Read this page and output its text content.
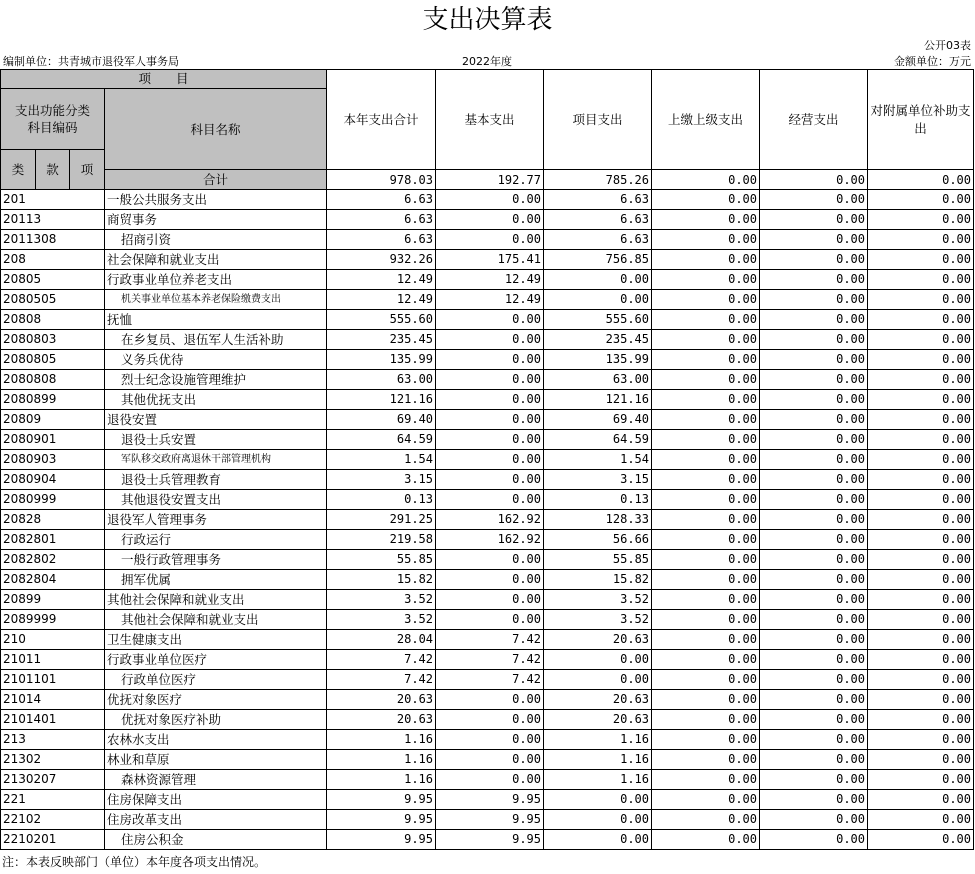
支出决算表
公开03表
编制单位：共青城市退役军人事务局	2022年度	金额单位：万元
项　　目				本年支出合计	基本支出	项目支出	上缴上级支出	经营支出	对附属单位补助支出	
支出功能分类
科目编码			科目名称							
类	款	项							
			合计	978.03	192.77	785.26	0.00	0.00	0.00	
201			一般公共服务支出	6.63	0.00	6.63	0.00	0.00	0.00	
20113			商贸事务	6.63	0.00	6.63	0.00	0.00	0.00	
2011308			招商引资	6.63	0.00	6.63	0.00	0.00	0.00	
208			社会保障和就业支出	932.26	175.41	756.85	0.00	0.00	0.00	
20805			行政事业单位养老支出	12.49	12.49	0.00	0.00	0.00	0.00	
2080505			机关事业单位基本养老保险缴费支出	12.49	12.49	0.00	0.00	0.00	0.00	
20808			抚恤	555.60	0.00	555.60	0.00	0.00	0.00	
2080803			在乡复员、退伍军人生活补助	235.45	0.00	235.45	0.00	0.00	0.00	
2080805			义务兵优待	135.99	0.00	135.99	0.00	0.00	0.00	
2080808			烈士纪念设施管理维护	63.00	0.00	63.00	0.00	0.00	0.00	
2080899			其他优抚支出	121.16	0.00	121.16	0.00	0.00	0.00	
20809			退役安置	69.40	0.00	69.40	0.00	0.00	0.00	
2080901			退役士兵安置	64.59	0.00	64.59	0.00	0.00	0.00	
2080903			军队移交政府离退休干部管理机构	1.54	0.00	1.54	0.00	0.00	0.00	
2080904			退役士兵管理教育	3.15	0.00	3.15	0.00	0.00	0.00	
2080999			其他退役安置支出	0.13	0.00	0.13	0.00	0.00	0.00	
20828			退役军人管理事务	291.25	162.92	128.33	0.00	0.00	0.00	
2082801			行政运行	219.58	162.92	56.66	0.00	0.00	0.00	
2082802			一般行政管理事务	55.85	0.00	55.85	0.00	0.00	0.00	
2082804			拥军优属	15.82	0.00	15.82	0.00	0.00	0.00	
20899			其他社会保障和就业支出	3.52	0.00	3.52	0.00	0.00	0.00	
2089999			其他社会保障和就业支出	3.52	0.00	3.52	0.00	0.00	0.00	
210			卫生健康支出	28.04	7.42	20.63	0.00	0.00	0.00	
21011			行政事业单位医疗	7.42	7.42	0.00	0.00	0.00	0.00	
2101101			行政单位医疗	7.42	7.42	0.00	0.00	0.00	0.00	
21014			优抚对象医疗	20.63	0.00	20.63	0.00	0.00	0.00	
2101401			优抚对象医疗补助	20.63	0.00	20.63	0.00	0.00	0.00	
213			农林水支出	1.16	0.00	1.16	0.00	0.00	0.00	
21302			林业和草原	1.16	0.00	1.16	0.00	0.00	0.00	
2130207			森林资源管理	1.16	0.00	1.16	0.00	0.00	0.00	
221			住房保障支出	9.95	9.95	0.00	0.00	0.00	0.00	
22102			住房改革支出	9.95	9.95	0.00	0.00	0.00	0.00	
2210201			住房公积金	9.95	9.95	0.00	0.00	0.00	0.00	
注：本表反映部门（单位）本年度各项支出情况。
